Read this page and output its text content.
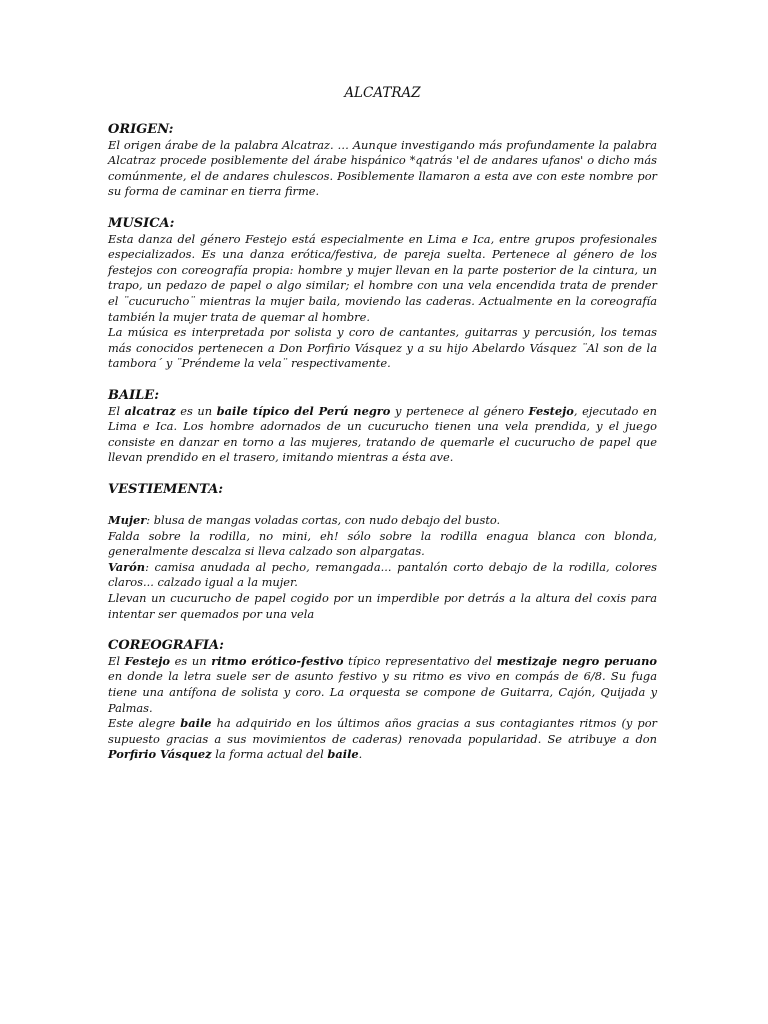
ALCATRAZ
ORIGEN:

El origen árabe de la palabra Alcatraz. … Aunque investigando más profundamente la palabra Alcatraz procede posiblemente del árabe hispánico *qatrás 'el de andares ufanos' o dicho más comúnmente, el de andares chulescos. Posiblemente llamaron a esta ave con este nombre por su forma de caminar en tierra firme.

MUSICA:

Esta danza del género Festejo está especialmente en Lima e Ica, entre grupos profesionales especializados. Es una danza erótica/festiva, de pareja suelta. Pertenece al género de los festejos con coreografía propia: hombre y mujer llevan en la parte posterior de la cintura, un trapo, un pedazo de papel o algo similar; el hombre con una vela encendida trata de prender el ¨cucurucho¨ mientras la mujer baila, moviendo las caderas. Actualmente en la coreografía también la mujer trata de quemar al hombre.

La música es interpretada por solista y coro de cantantes, guitarras y percusión, los temas más conocidos pertenecen a Don Porfirio Vásquez y a su hijo Abelardo Vásquez ¨Al son de la tambora´ y ¨Préndeme la vela¨ respectivamente.

BAILE:

El alcatraz es un baile típico del Perú negro y pertenece al género Festejo, ejecutado en Lima e Ica. Los hombre adornados de un cucurucho tienen una vela prendida, y el juego consiste en danzar en torno a las mujeres, tratando de quemarle el cucurucho de papel que llevan prendido en el trasero, imitando mientras a ésta ave.

VESTIEMENTA:

Mujer: blusa de mangas voladas cortas, con nudo debajo del busto.

Falda sobre la rodilla, no mini, eh! sólo sobre la rodilla enagua blanca con blonda, generalmente descalza si lleva calzado son alpargatas.

Varón: camisa anudada al pecho, remangada... pantalón corto debajo de la rodilla, colores claros... calzado igual a la mujer.

Llevan un cucurucho de papel cogido por un imperdible por detrás a la altura del coxis para intentar ser quemados por una vela

COREOGRAFIA:

El Festejo es un ritmo erótico-festivo típico representativo del mestizaje negro peruano en donde la letra suele ser de asunto festivo y su ritmo es vivo en compás de 6/8. Su fuga tiene una antífona de solista y coro. La orquesta se compone de Guitarra, Cajón, Quijada y Palmas.

Este alegre baile ha adquirido en los últimos años gracias a sus contagiantes ritmos (y por supuesto gracias a sus movimientos de caderas) renovada popularidad. Se atribuye a don Porfirio Vásquez la forma actual del baile.
